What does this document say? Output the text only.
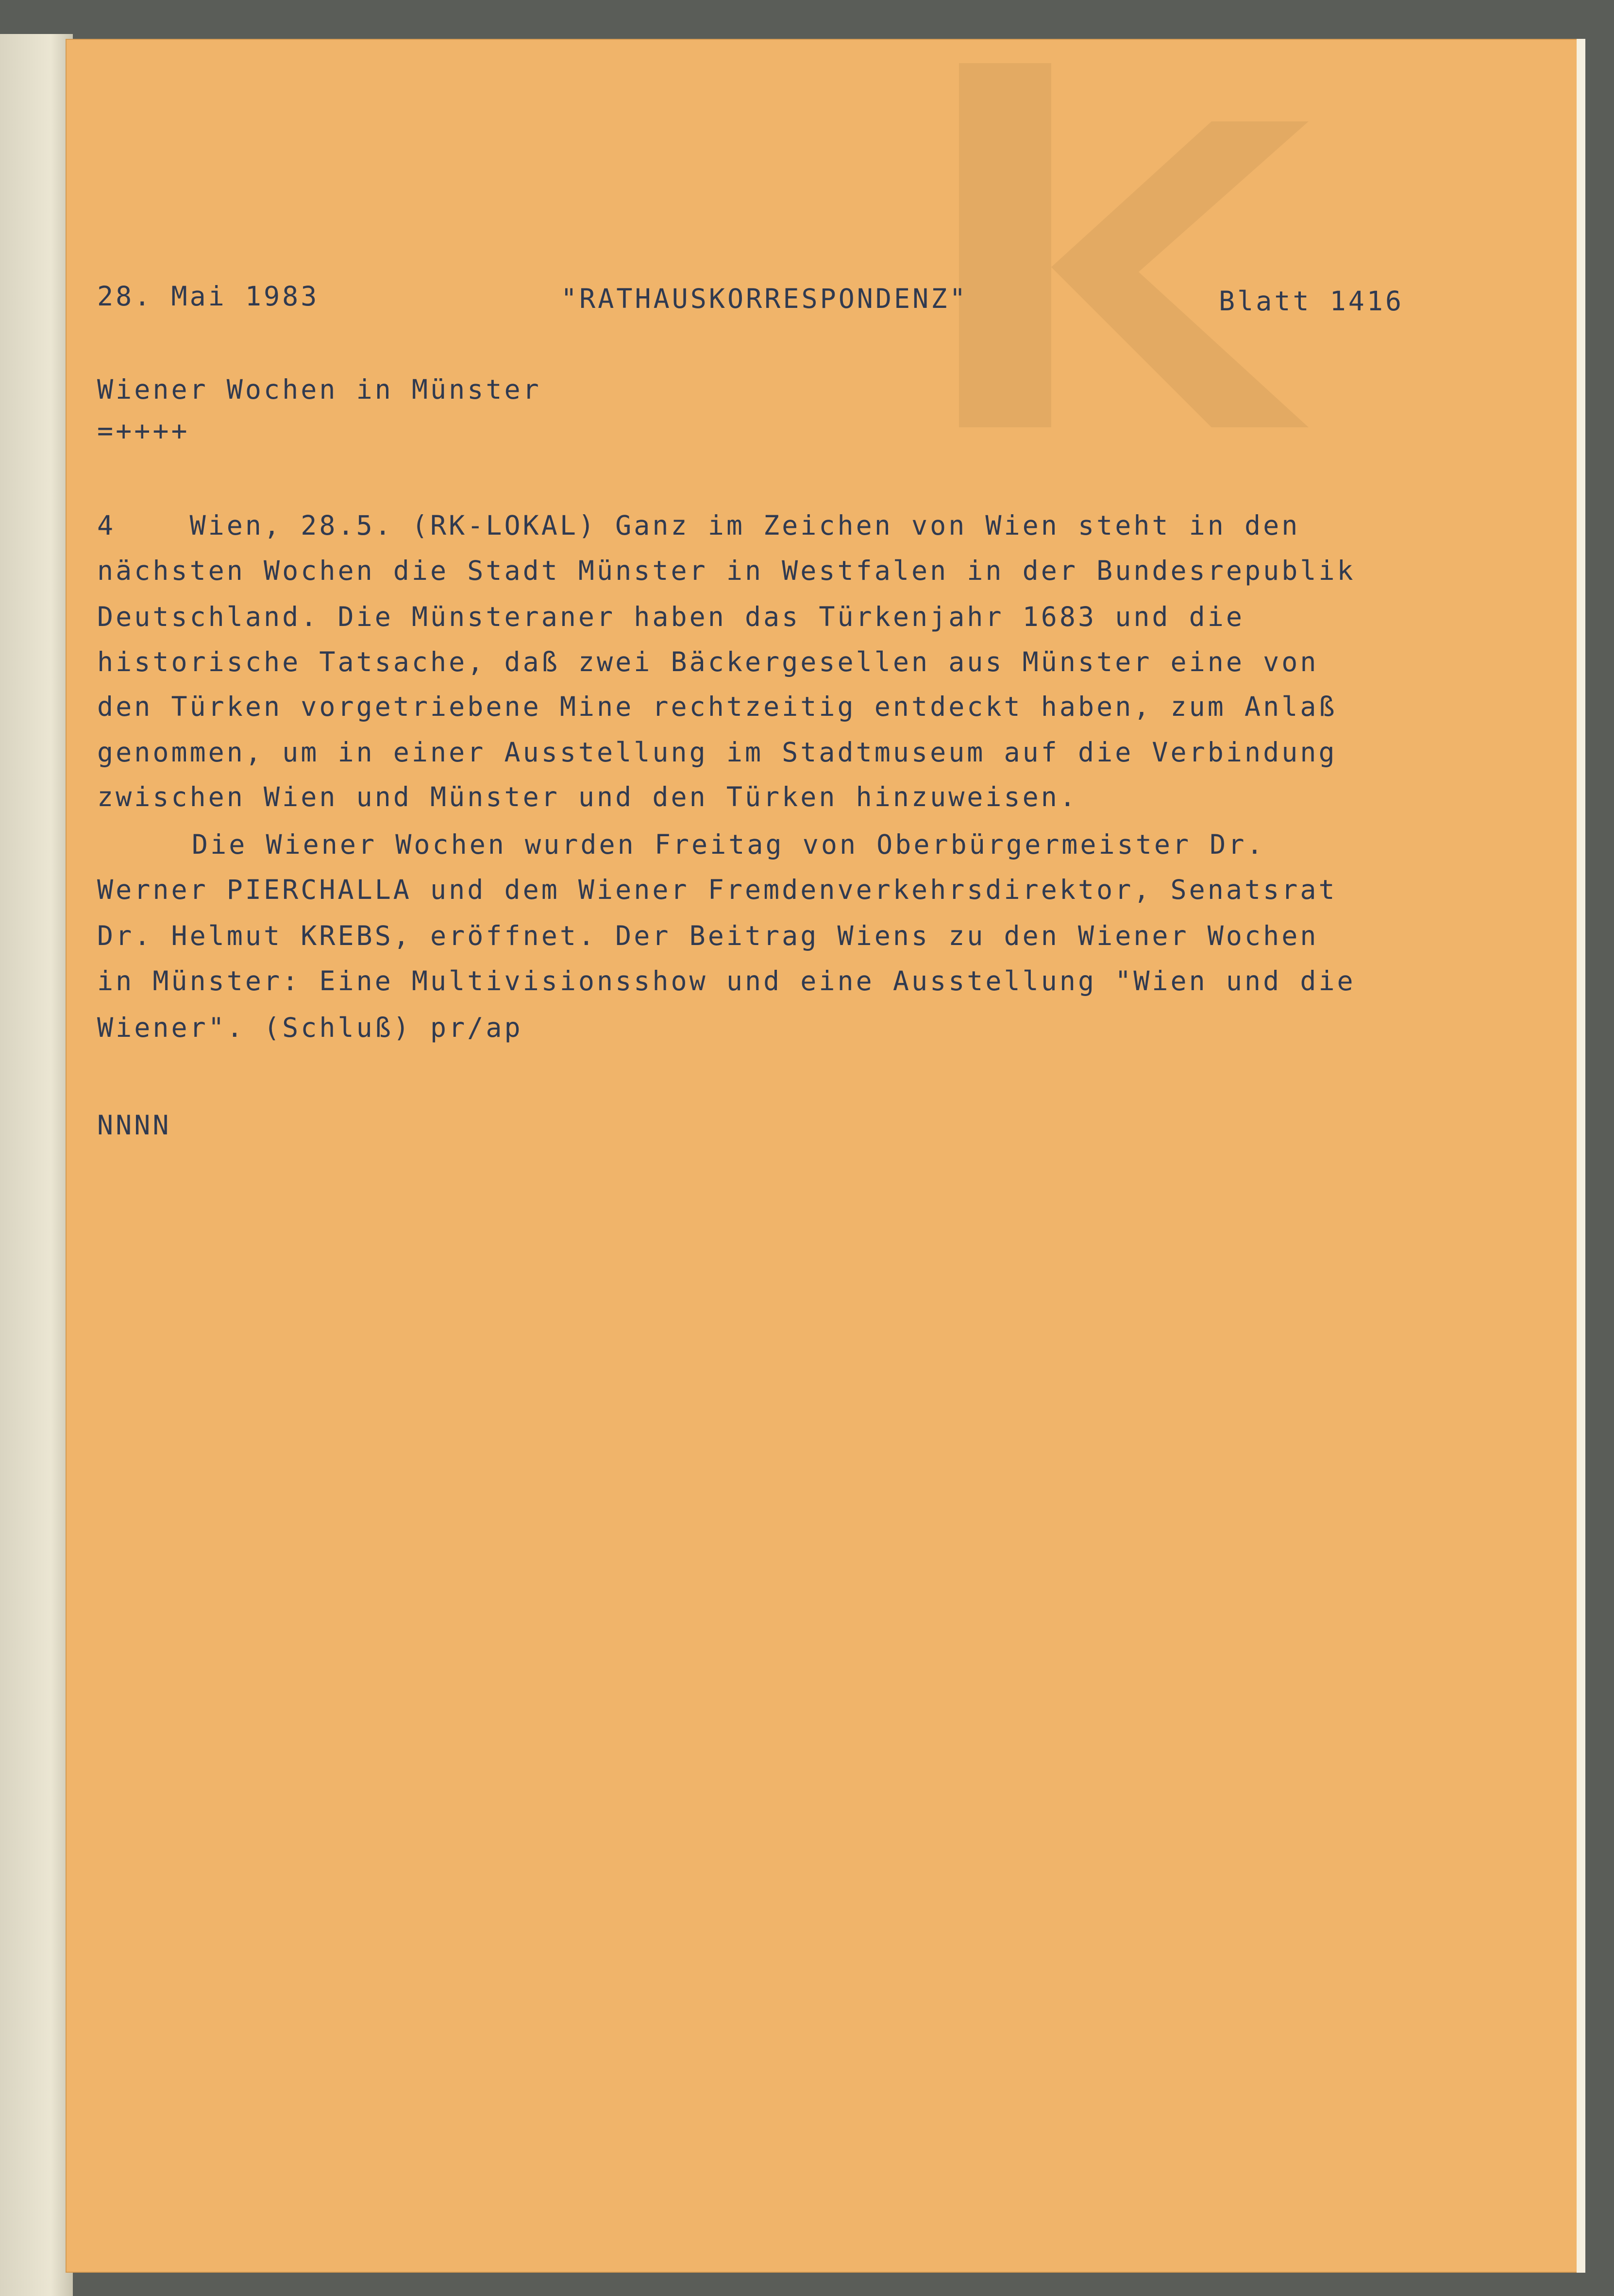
28. Mai 1983	"RATHAUSKORRESPONDENZ"	Blatt 1416
Wiener Wochen in Münster
=++++
4    Wien, 28.5. (RK-LOKAL) Ganz im Zeichen von Wien steht in den
nächsten Wochen die Stadt Münster in Westfalen in der Bundesrepublik
Deutschland. Die Münsteraner haben das Türkenjahr 1683 und die
historische Tatsache, daß zwei Bäckergesellen aus Münster eine von
den Türken vorgetriebene Mine rechtzeitig entdeckt haben, zum Anlaß
genommen, um in einer Ausstellung im Stadtmuseum auf die Verbindung
zwischen Wien und Münster und den Türken hinzuweisen.
Die Wiener Wochen wurden Freitag von Oberbürgermeister Dr.
Werner PIERCHALLA und dem Wiener Fremdenverkehrsdirektor, Senatsrat
Dr. Helmut KREBS, eröffnet. Der Beitrag Wiens zu den Wiener Wochen
in Münster: Eine Multivisionsshow und eine Ausstellung "Wien und die
Wiener". (Schluß) pr/ap
NNNN
